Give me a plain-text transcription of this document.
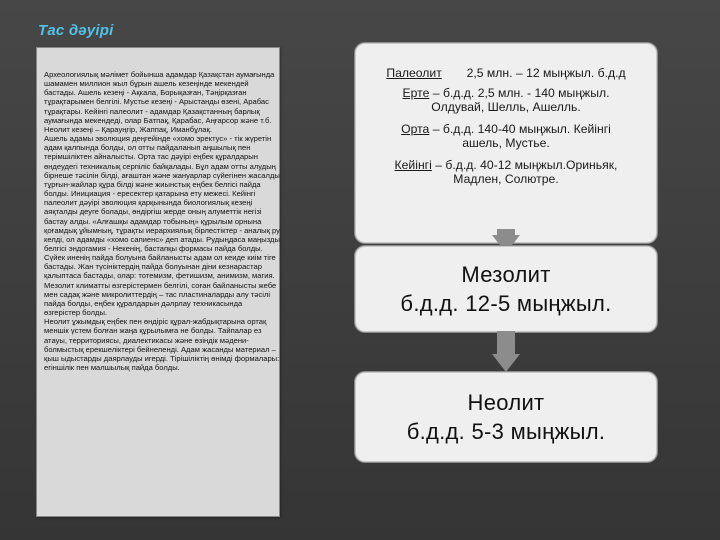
Тас дәуірі

Археологиялық мәлімет бойынша адамдар Қазақстан аумағында шамамен миллион жыл бұрын ашель кезеңінде мекендей бастады. Ашель кезеңі - Ақкала, Борықазған, Тәңірқазған тұрақтарымен белгілі. Мустье кезеңі - Арыстанды өзені, Арабас тұрақтары. Кейінгі палеолит - адамдар Қазақстанның барлық аумағында мекендеді, олар Батпақ, Қарабас, Аңғарсор және т.б. Неолит кезеңі – Қарауңгір, Жаппақ, Иманбұлақ.

Ашель адамы эволюция деңгейінде «хомо эректус» - тік жүретін адам қалпында болды, ол отты пайдаланып аңшылық пен терімшіліктен айналысты. Орта тас дәуірі еңбек құралдарын өндеудегі техникалық серпіліс байқалады. Бұл адам отты алудың бірнеше тәсілін білді, ағаштан және жануарлар сүйегінен жасалды тұрғын-жайлар құра білді және жиынстық еңбек белгісі пайда болды. Инициация - ересектер қатарына ету межесі. Кейінгі палеолит дәуірі эволюция қарқынында биологиялық кезеңі аяқталды деуге болады, өндіргіш жерде оның алуметтік негізі бастау алды. «Алғашқы адамдар тобының» құрылым орнына қоғамдық ұйымның, тұрақты иерархиялық бірлестіктер - аналық ру келді, ол адамды «хомо сапиенс» деп атады. Рудыңдаса маңызды белгісі эндогамия - Некенің, бастапқы формасы пайда болды. Сүйек иненің пайда болуына байланысты адам ол кеиде киім тіге бастады. Жан түсініктердің пайда болуынан діни кезнарастар қалыптаса бастады, олар: тотемизм, фетишизм, анимизм, магия.

Мезолит климатты өзгерістермен белгілі, соған байланысты жебе мен садақ және микролиттердің – тас пластиналарды алу тәсілі пайда болды, еңбек құралдарын дәлрлау техникасында өзгерістер болды.

Неолит ұжымдық еңбек пен өндіріс құрал-жабдықтарына ортақ меншік үстем болған жаңа құрылымға не болды. Тайпалар ез атауы, территориясы, диалектикасы және өзіндік мәдени-болмыстық ерекшеліктері бейнеленді. Адам жасанды материал – қыш ыдыстарды даярлауды игерді. Тірішіліктің өнімді формалары: егіншілік пен малшылық пайда болды.

Палеолит 2,5 млн. – 12 мыңжыл. б.д.д
Ерте – б.д.д. 2,5 млн. - 140 мыңжыл.
Олдувай, Шелль, Ашелль.
Орта – б.д.д. 140-40 мыңжыл. Кейінгі
ашель, Мустье.
Кейінгі – б.д.д. 40-12 мыңжыл.Ориньяк,
Мадлен, Солютре.
Мезолит
б.д.д. 12-5 мыңжыл.
Неолит
б.д.д. 5-3 мыңжыл.
